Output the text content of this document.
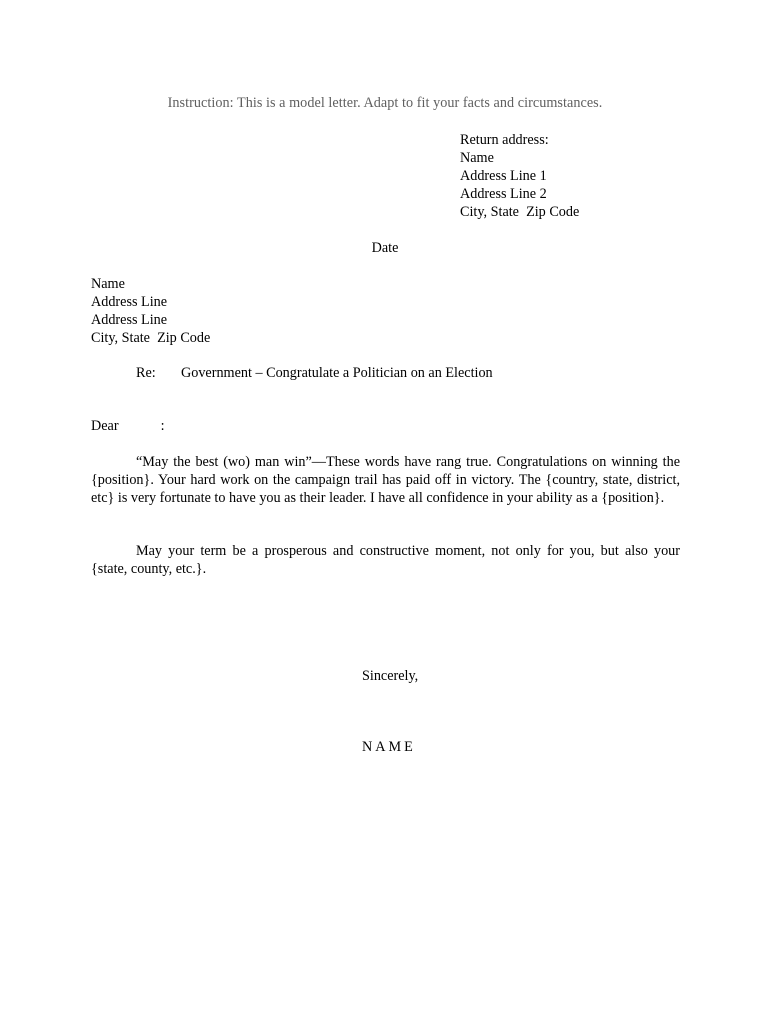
Instruction: This is a model letter. Adapt to fit your facts and circumstances.
Return address:
Name
Address Line 1
Address Line 2
City, State  Zip Code
Date
Name
Address Line
Address Line
City, State  Zip Code
Re: Government – Congratulate a Politician on an Election
Dear	:

“May the best (wo) man win”—These words have rang true. Congratulations on winning the {position}. Your hard work on the campaign trail has paid off in victory. The {country, state, district, etc} is very fortunate to have you as their leader. I have all confidence in your ability as a {position}.

May your term be a prosperous and constructive moment, not only for you, but also your {state, county, etc.}.

Sincerely,
NAME
